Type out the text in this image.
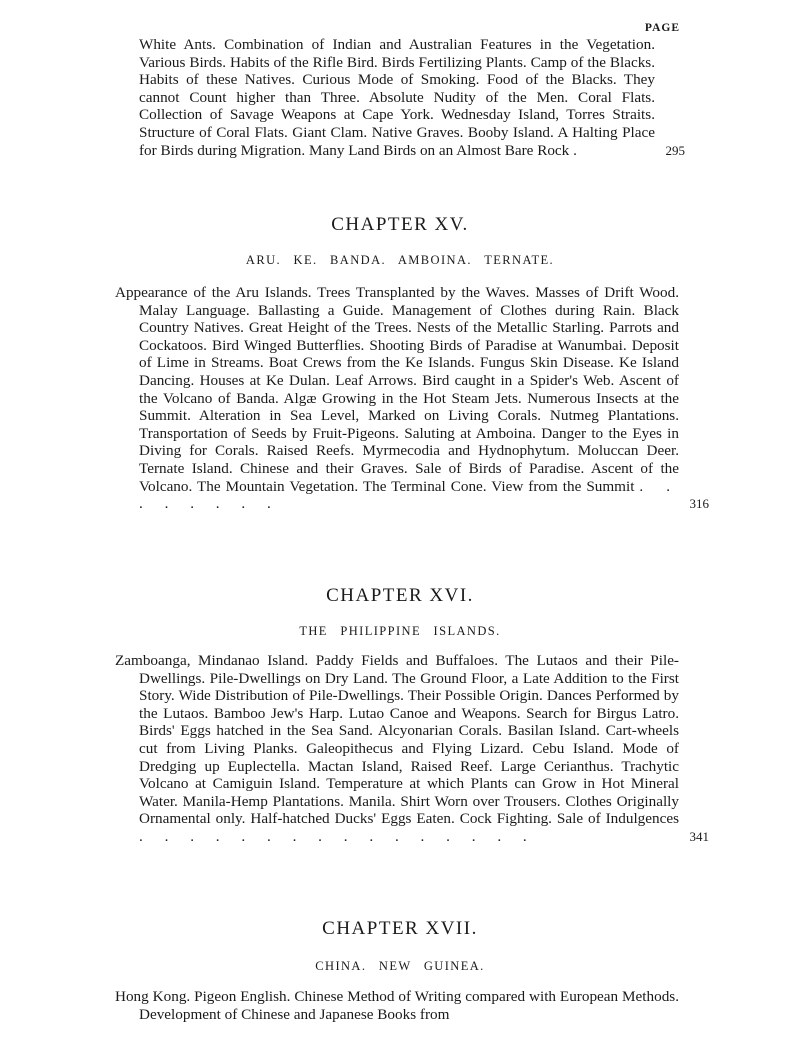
PAGE
White Ants. Combination of Indian and Australian Features in the Vegetation. Various Birds. Habits of the Rifle Bird. Birds Fertilizing Plants. Camp of the Blacks. Habits of these Natives. Curious Mode of Smoking. Food of the Blacks. They cannot Count higher than Three. Absolute Nudity of the Men. Coral Flats. Collection of Savage Weapons at Cape York. Wednesday Island, Torres Straits. Structure of Coral Flats. Giant Clam. Native Graves. Booby Island. A Halting Place for Birds during Migration. Many Land Birds on an Almost Bare Rock .	295
CHAPTER XV.
ARU. KE. BANDA. AMBOINA. TERNATE.
Appearance of the Aru Islands. Trees Transplanted by the Waves. Masses of Drift Wood. Malay Language. Ballasting a Guide. Management of Clothes during Rain. Black Country Natives. Great Height of the Trees. Nests of the Metallic Starling. Parrots and Cockatoos. Bird Winged Butterflies. Shooting Birds of Paradise at Wanumbai. Deposit of Lime in Streams. Boat Crews from the Ke Islands. Fungus Skin Disease. Ke Island Dancing. Houses at Ke Dulan. Leaf Arrows. Bird caught in a Spider's Web. Ascent of the Volcano of Banda. Algæ Growing in the Hot Steam Jets. Numerous Insects at the Summit. Alteration in Sea Level, Marked on Living Corals. Nutmeg Plantations. Transportation of Seeds by Fruit-Pigeons. Saluting at Amboina. Danger to the Eyes in Diving for Corals. Raised Reefs. Myrmecodia and Hydnophytum. Moluccan Deer. Ternate Island. Chinese and their Graves. Sale of Birds of Paradise. Ascent of the Volcano. The Mountain Vegetation. The Terminal Cone. View from the Summit . . . . . . . .	316
CHAPTER XVI.
THE PHILIPPINE ISLANDS.
Zamboanga, Mindanao Island. Paddy Fields and Buffaloes. The Lutaos and their Pile-Dwellings. Pile-Dwellings on Dry Land. The Ground Floor, a Late Addition to the First Story. Wide Distribution of Pile-Dwellings. Their Possible Origin. Dances Performed by the Lutaos. Bamboo Jew's Harp. Lutao Canoe and Weapons. Search for Birgus Latro. Birds' Eggs hatched in the Sea Sand. Alcyonarian Corals. Basilan Island. Cart-wheels cut from Living Planks. Galeopithecus and Flying Lizard. Cebu Island. Mode of Dredging up Euplectella. Mactan Island, Raised Reef. Large Cerianthus. Trachytic Volcano at Camiguin Island. Temperature at which Plants can Grow in Hot Mineral Water. Manila-Hemp Plantations. Manila. Shirt Worn over Trousers. Clothes Originally Ornamental only. Half-hatched Ducks' Eggs Eaten. Cock Fighting. Sale of Indulgences . . . . . . . . . . . . . . . .	341
CHAPTER XVII.
CHINA. NEW GUINEA.
Hong Kong. Pigeon English. Chinese Method of Writing compared with European Methods. Development of Chinese and Japanese Books from
